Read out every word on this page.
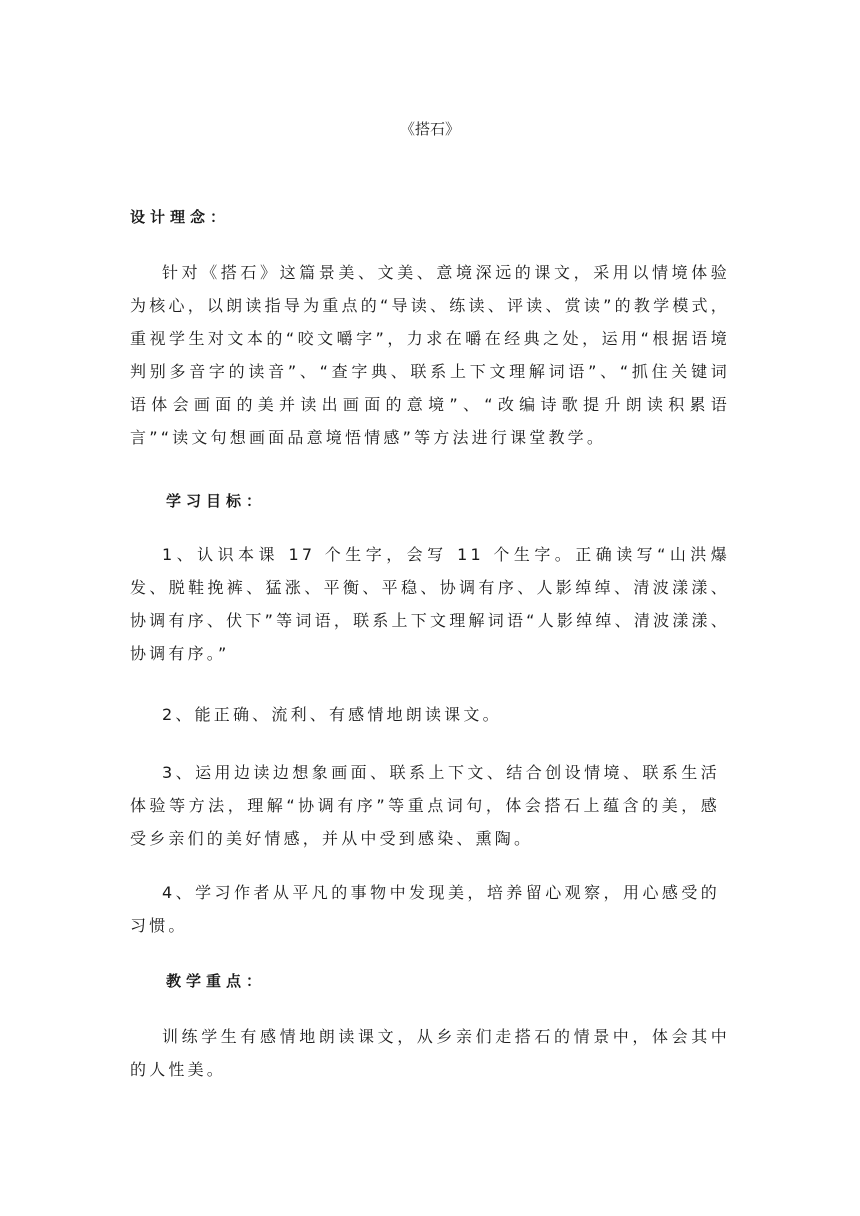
《搭石》
设计理念：

针对《搭石》这篇景美、文美、意境深远的课文，采用以情境体验为核心，以朗读指导为重点的“导读、练读、评读、赏读”的教学模式，重视学生对文本的“咬文嚼字”，力求在嚼在经典之处，运用“根据语境判别多音字的读音”、“查字典、联系上下文理解词语”、“抓住关键词语体会画面的美并读出画面的意境”、“改编诗歌提升朗读积累语言”“读文句想画面品意境悟情感”等方法进行课堂教学。

学习目标：

1、认识本课 17 个生字，会写 11 个生字。正确读写“山洪爆发、脱鞋挽裤、猛涨、平衡、平稳、协调有序、人影绰绰、清波漾漾、协调有序、伏下”等词语，联系上下文理解词语“人影绰绰、清波漾漾、协调有序。”

2、能正确、流利、有感情地朗读课文。

3、运用边读边想象画面、联系上下文、结合创设情境、联系生活体验等方法，理解“协调有序”等重点词句，体会搭石上蕴含的美，感受乡亲们的美好情感，并从中受到感染、熏陶。

4、学习作者从平凡的事物中发现美，培养留心观察，用心感受的习惯。

教学重点：

训练学生有感情地朗读课文，从乡亲们走搭石的情景中，体会其中的人性美。
